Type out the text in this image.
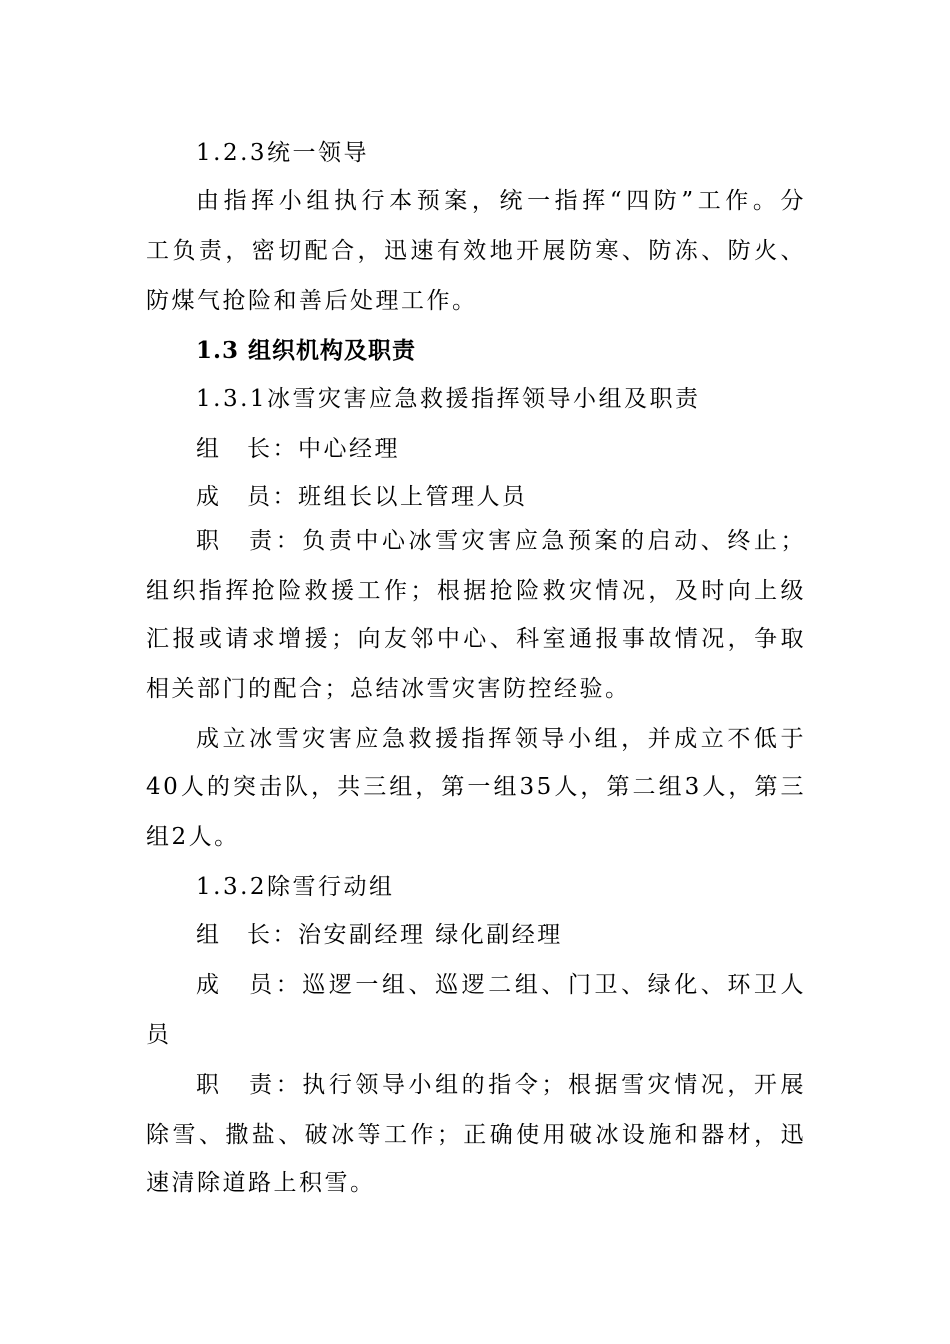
1.2.3统一领导
由指挥小组执行本预案，统一指挥“四防”工作。分
工负责，密切配合，迅速有效地开展防寒、防冻、防火、
防煤气抢险和善后处理工作。
1.3 组织机构及职责
1.3.1冰雪灾害应急救援指挥领导小组及职责
组　长：中心经理
成　员：班组长以上管理人员
职　责：负责中心冰雪灾害应急预案的启动、终止；
组织指挥抢险救援工作；根据抢险救灾情况，及时向上级
汇报或请求增援；向友邻中心、科室通报事故情况，争取
相关部门的配合；总结冰雪灾害防控经验。
成立冰雪灾害应急救援指挥领导小组，并成立不低于
40人的突击队，共三组，第一组35人，第二组3人，第三
组2人。
1.3.2除雪行动组
组　长：治安副经理 绿化副经理
成　员：巡逻一组、巡逻二组、门卫、绿化、环卫人
员
职　责：执行领导小组的指令；根据雪灾情况，开展
除雪、撒盐、破冰等工作；正确使用破冰设施和器材，迅
速清除道路上积雪。
